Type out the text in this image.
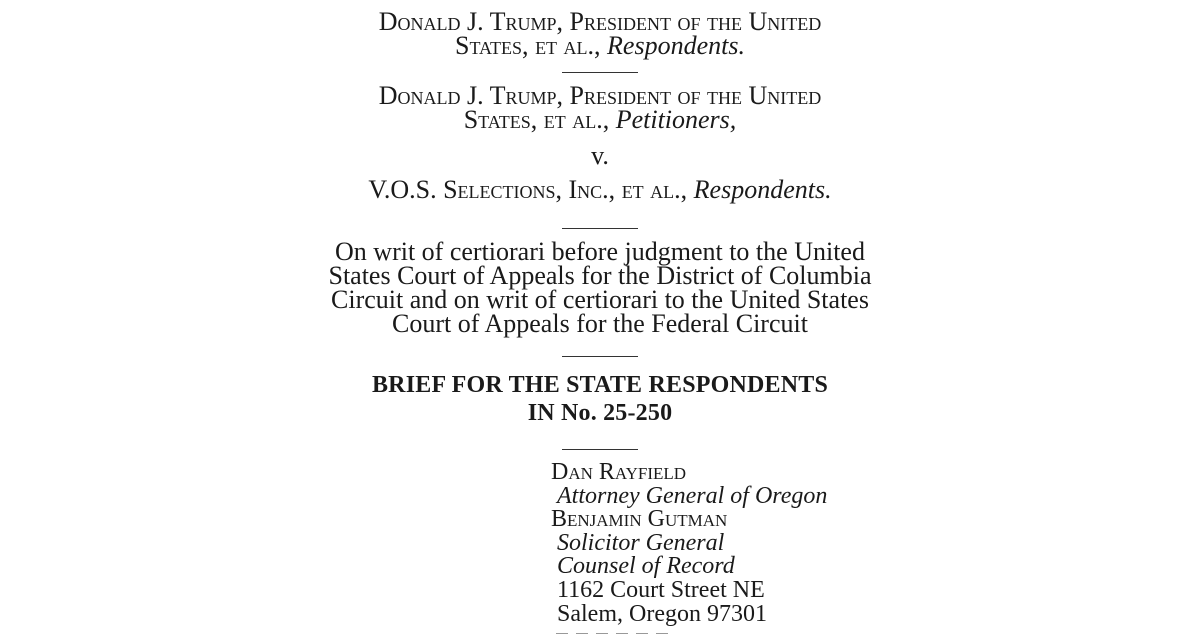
Donald J. Trump, President of the United
States, et al., Respondents.
Donald J. Trump, President of the United
States, et al., Petitioners,
v.
V.O.S. Selections, Inc., et al., Respondents.
On writ of certiorari before judgment to the United
States Court of Appeals for the District of Columbia
Circuit and on writ of certiorari to the United States
Court of Appeals for the Federal Circuit
BRIEF FOR THE STATE RESPONDENTS
IN No. 25-250
Dan Rayfield
Attorney General of Oregon
Benjamin Gutman
Solicitor General
Counsel of Record
1162 Court Street NE
Salem, Oregon 97301
